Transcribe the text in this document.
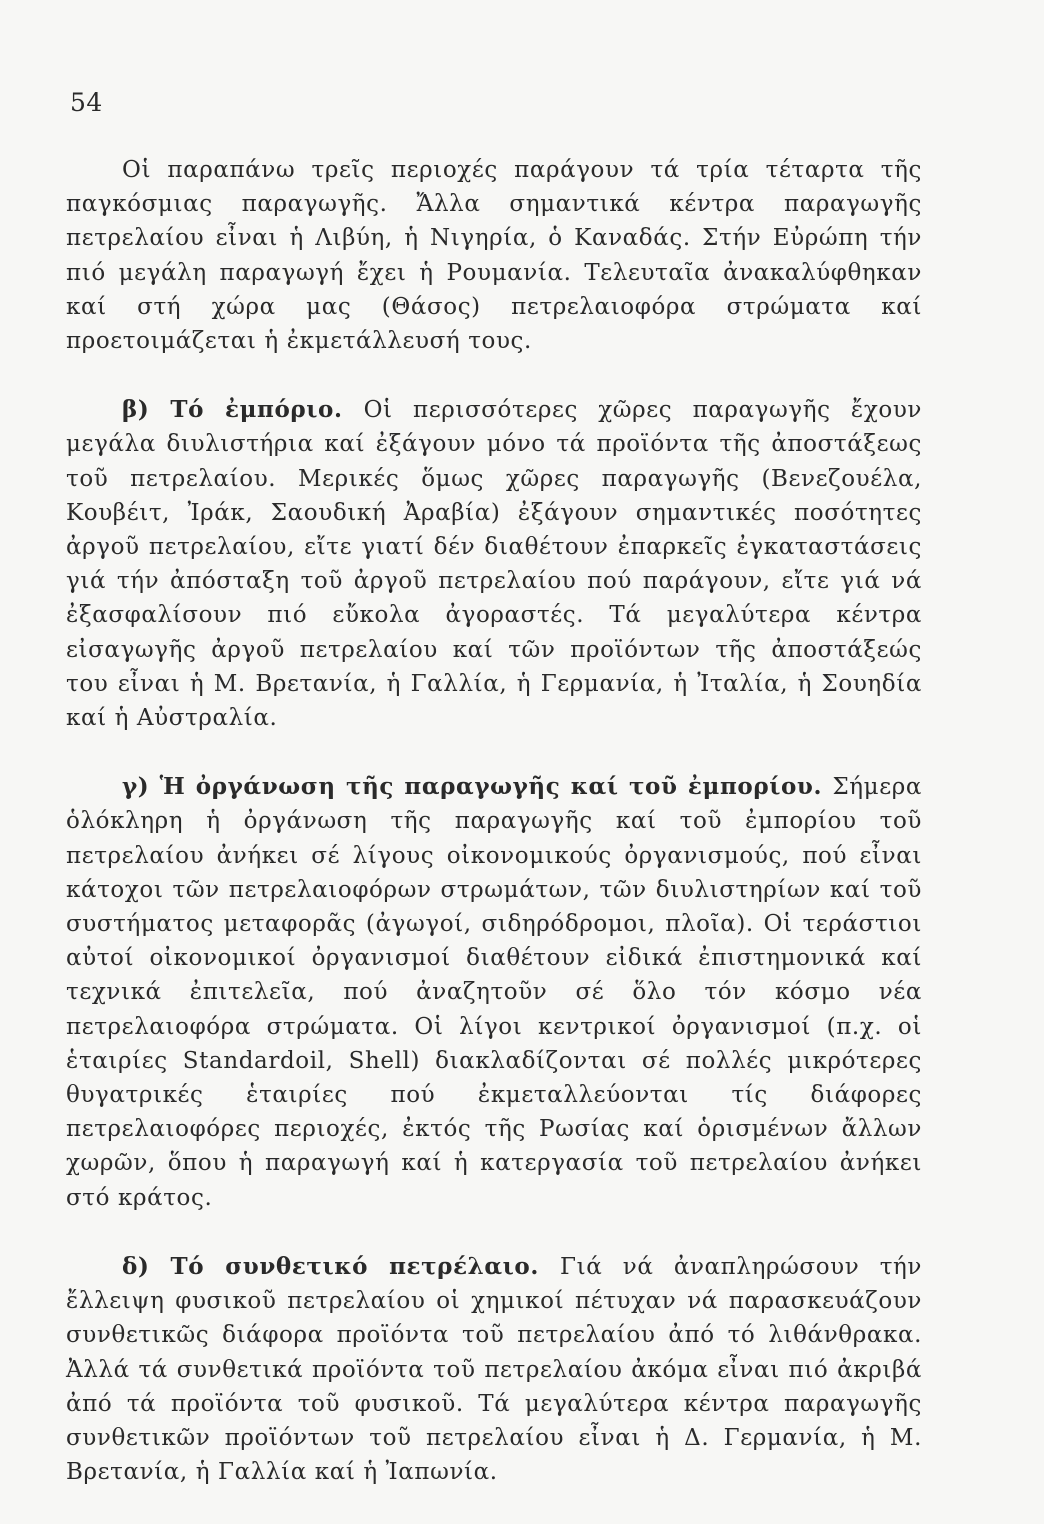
54

Οἱ παραπάνω τρεῖς περιοχές παράγουν τά τρία τέταρτα τῆς παγκόσμιας παραγωγῆς. Ἄλλα σημαντικά κέντρα παραγωγῆς πετρελαίου εἶναι ἡ Λιβύη, ἡ Νιγηρία, ὁ Καναδάς. Στήν Εὐρώπη τήν πιό μεγάλη παραγωγή ἔχει ἡ Ρουμανία. Τελευταῖα ἀνακαλύφθηκαν καί στή χώρα μας (Θάσος) πετρελαιοφόρα στρώματα καί προετοιμάζεται ἡ ἐκμετάλλευσή τους.

β) Τό ἐμπόριο. Οἱ περισσότερες χῶρες παραγωγῆς ἔχουν μεγάλα διυλιστήρια καί ἐξάγουν μόνο τά προϊόντα τῆς ἀποστάξεως τοῦ πετρελαίου. Μερικές ὅμως χῶρες παραγωγῆς (Βενεζουέλα, Κουβέιτ, Ἰράκ, Σαουδική Ἀραβία) ἐξάγουν σημαντικές ποσότητες ἀργοῦ πετρελαίου, εἴτε γιατί δέν διαθέτουν ἐπαρκεῖς ἐγκαταστάσεις γιά τήν ἀπόσταξη τοῦ ἀργοῦ πετρελαίου πού παράγουν, εἴτε γιά νά ἐξασφαλίσουν πιό εὔκολα ἀγοραστές. Τά μεγαλύτερα κέντρα εἰσαγωγῆς ἀργοῦ πετρελαίου καί τῶν προϊόντων τῆς ἀποστάξεώς του εἶναι ἡ Μ. Βρετανία, ἡ Γαλλία, ἡ Γερμανία, ἡ Ἰταλία, ἡ Σουηδία καί ἡ Αὐστραλία.

γ) Ἡ ὀργάνωση τῆς παραγωγῆς καί τοῦ ἐμπορίου. Σήμερα ὁλόκληρη ἡ ὀργάνωση τῆς παραγωγῆς καί τοῦ ἐμπορίου τοῦ πετρελαίου ἀνήκει σέ λίγους οἰκονομικούς ὀργανισμούς, πού εἶναι κάτοχοι τῶν πετρελαιοφόρων στρωμάτων, τῶν διυλιστηρίων καί τοῦ συστήματος μεταφορᾶς (ἀγωγοί, σιδηρόδρομοι, πλοῖα). Οἱ τεράστιοι αὐτοί οἰκονομικοί ὀργανισμοί διαθέτουν εἰδικά ἐπιστημονικά καί τεχνικά ἐπιτελεῖα, πού ἀναζητοῦν σέ ὅλο τόν κόσμο νέα πετρελαιοφόρα στρώματα. Οἱ λίγοι κεντρικοί ὀργανισμοί (π.χ. οἱ ἑταιρίες Standardoil, Shell) διακλαδίζονται σέ πολλές μικρότερες θυγατρικές ἑταιρίες πού ἐκμεταλλεύονται τίς διάφορες πετρελαιοφόρες περιοχές, ἐκτός τῆς Ρωσίας καί ὁρισμένων ἄλλων χωρῶν, ὅπου ἡ παραγωγή καί ἡ κατεργασία τοῦ πετρελαίου ἀνήκει στό κράτος.

δ) Τό συνθετικό πετρέλαιο. Γιά νά ἀναπληρώσουν τήν ἔλλειψη φυσικοῦ πετρελαίου οἱ χημικοί πέτυχαν νά παρασκευάζουν συνθετικῶς διάφορα προϊόντα τοῦ πετρελαίου ἀπό τό λιθάνθρακα. Ἀλλά τά συνθετικά προϊόντα τοῦ πετρελαίου ἀκόμα εἶναι πιό ἀκριβά ἀπό τά προϊόντα τοῦ φυσικοῦ. Τά μεγαλύτερα κέντρα παραγωγῆς συνθετικῶν προϊόντων τοῦ πετρελαίου εἶναι ἡ Δ. Γερμανία, ἡ Μ. Βρετανία, ἡ Γαλλία καί ἡ Ἰαπωνία.
